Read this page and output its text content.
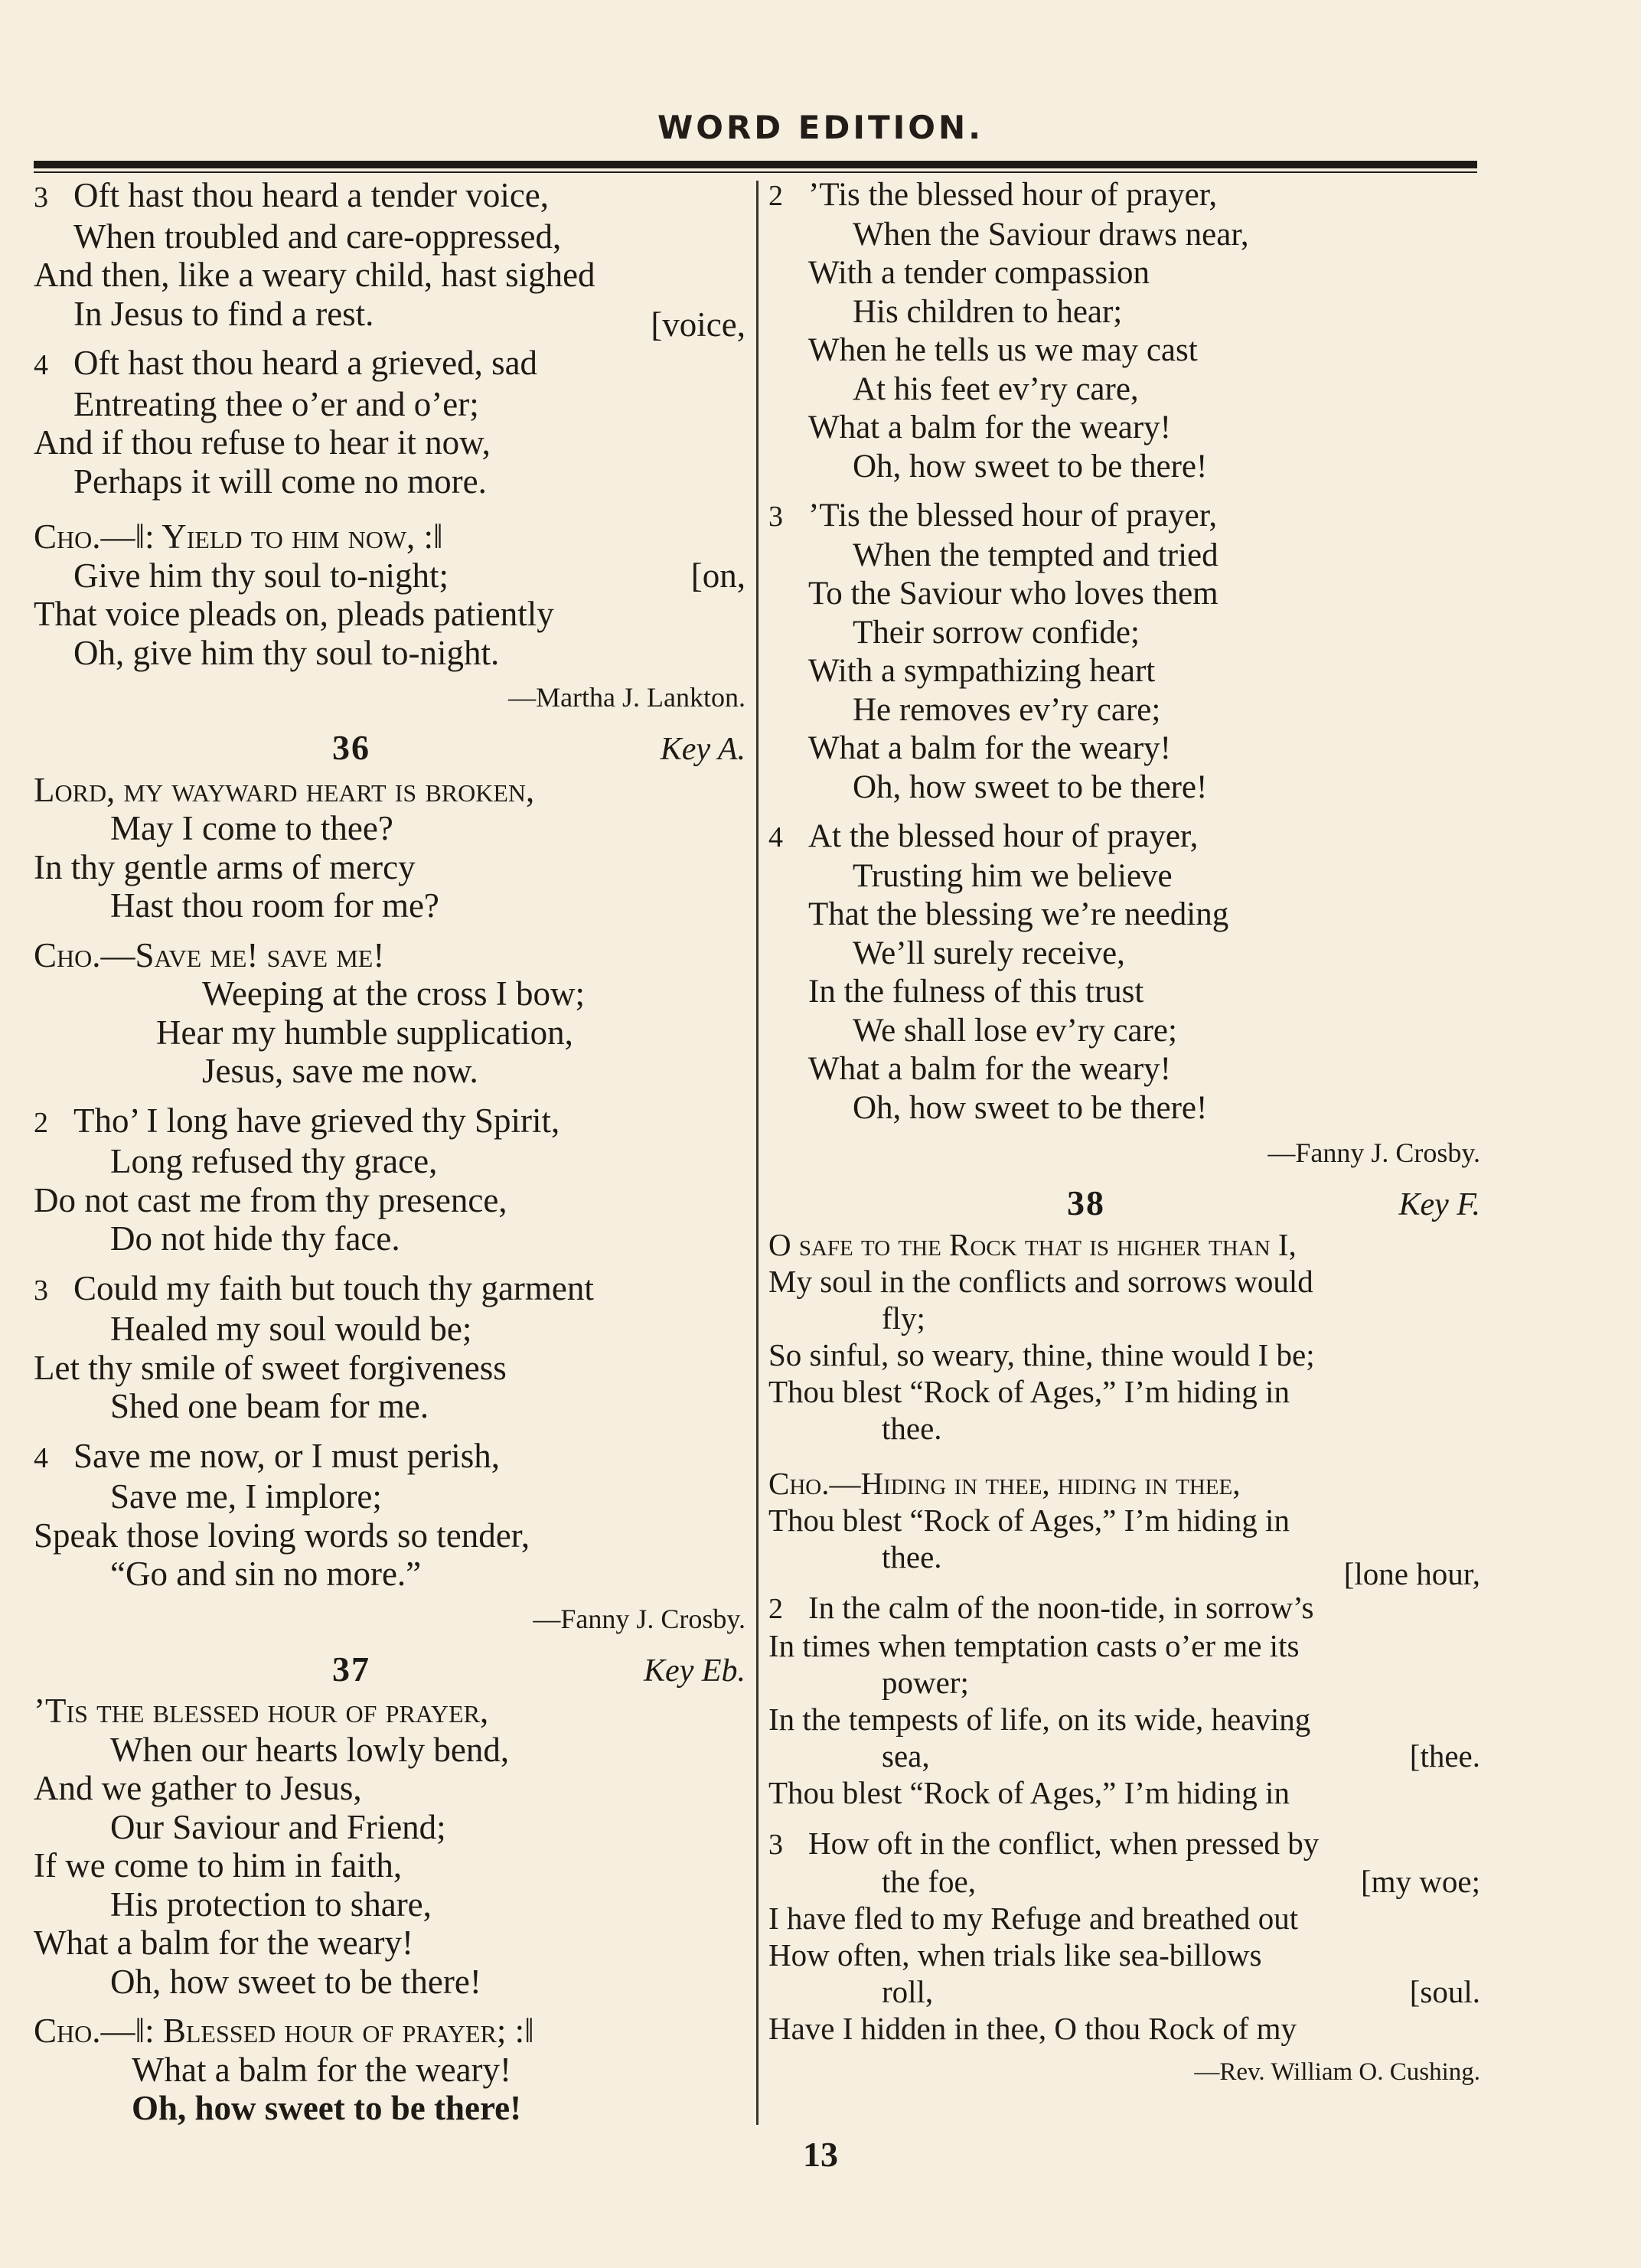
WORD EDITION.
3 Oft hast thou heard a tender voice,
When troubled and care-oppressed,
And then, like a weary child, hast sighed
In Jesus to find a rest.	[voice,
4 Oft hast thou heard a grieved, sad
Entreating thee o’er and o’er;
And if thou refuse to hear it now,
Perhaps it will come no more.
Cho.—‖: Yield to him now, :‖
Give him thy soul to-night;	[on,
That voice pleads on, pleads patiently
Oh, give him thy soul to-night.
—Martha J. Lankton.
36	Key A.
Lord, my wayward heart is broken,
May I come to thee?
In thy gentle arms of mercy
Hast thou room for me?
Cho.—Save me! save me!
Weeping at the cross I bow;
Hear my humble supplication,
Jesus, save me now.
2 Tho’ I long have grieved thy Spirit,
Long refused thy grace,
Do not cast me from thy presence,
Do not hide thy face.
3 Could my faith but touch thy garment
Healed my soul would be;
Let thy smile of sweet forgiveness
Shed one beam for me.
4 Save me now, or I must perish,
Save me, I implore;
Speak those loving words so tender,
“Go and sin no more.”
—Fanny J. Crosby.
37	Key Eb.
’Tis the blessed hour of prayer,
When our hearts lowly bend,
And we gather to Jesus,
Our Saviour and Friend;
If we come to him in faith,
His protection to share,
What a balm for the weary!
Oh, how sweet to be there!
Cho.—‖: Blessed hour of prayer; :‖
What a balm for the weary!
Oh, how sweet to be there!
2 ’Tis the blessed hour of prayer,
When the Saviour draws near,
With a tender compassion
His children to hear;
When he tells us we may cast
At his feet ev’ry care,
What a balm for the weary!
Oh, how sweet to be there!
3 ’Tis the blessed hour of prayer,
When the tempted and tried
To the Saviour who loves them
Their sorrow confide;
With a sympathizing heart
He removes ev’ry care;
What a balm for the weary!
Oh, how sweet to be there!
4 At the blessed hour of prayer,
Trusting him we believe
That the blessing we’re needing
We’ll surely receive,
In the fulness of this trust
We shall lose ev’ry care;
What a balm for the weary!
Oh, how sweet to be there!
—Fanny J. Crosby.
38	Key F.
O safe to the Rock that is higher than I,
My soul in the conflicts and sorrows would
fly;
So sinful, so weary, thine, thine would I be;
Thou blest “Rock of Ages,” I’m hiding in
thee.
Cho.—Hiding in thee, hiding in thee,
Thou blest “Rock of Ages,” I’m hiding in
thee.	[lone hour,
2 In the calm of the noon-tide, in sorrow’s
In times when temptation casts o’er me its
power;
In the tempests of life, on its wide, heaving
sea,	[thee.
Thou blest “Rock of Ages,” I’m hiding in
3 How oft in the conflict, when pressed by
the foe,	[my woe;
I have fled to my Refuge and breathed out
How often, when trials like sea-billows
roll,	[soul.
Have I hidden in thee, O thou Rock of my
—Rev. William O. Cushing.
13
